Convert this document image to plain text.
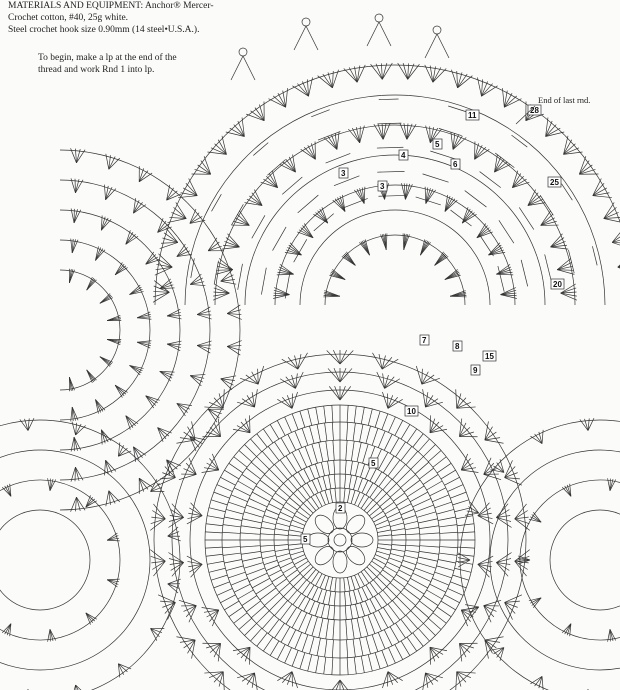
2
5
5
10
15
20
25
28
3
3
4
5
6
7
8
9
11
MATERIALS AND EQUIPMENT: Anchor® Mercer-
Crochet cotton, #40, 25g white.
Steel crochet hook size 0.90mm (14 steel•U.S.A.).
To begin, make a lp at the end of the
thread and work Rnd 1 into lp.
End of last rnd.
